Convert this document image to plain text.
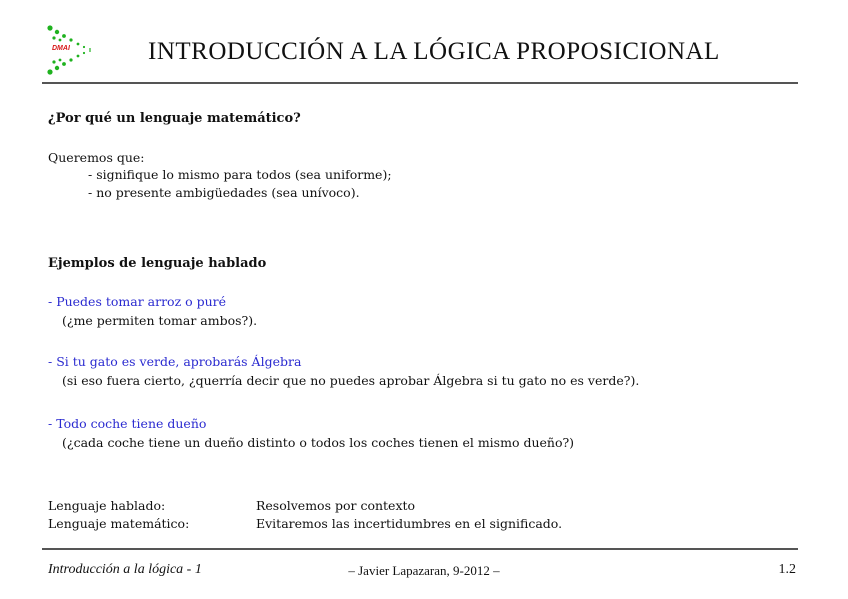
DMAI	INTRODUCCIÓN A LA LÓGICA PROPOSICIONAL
¿Por qué un lenguaje matemático?
Queremos que:
- signifique lo mismo para todos (sea uniforme);
- no presente ambigüedades (sea unívoco).
Ejemplos de lenguaje hablado
- Puedes tomar arroz o puré
(¿me permiten tomar ambos?).
- Si tu gato es verde, aprobarás Álgebra
(si eso fuera cierto, ¿querría decir que no puedes aprobar Álgebra si tu gato no es verde?).
- Todo coche tiene dueño
(¿cada coche tiene un dueño distinto o todos los coches tienen el mismo dueño?)
Lenguaje hablado:	Resolvemos por contexto
Lenguaje matemático:	Evitaremos las incertidumbres en el significado.
Introducción a la lógica - 1	– Javier Lapazaran, 9-2012 –	1.2
